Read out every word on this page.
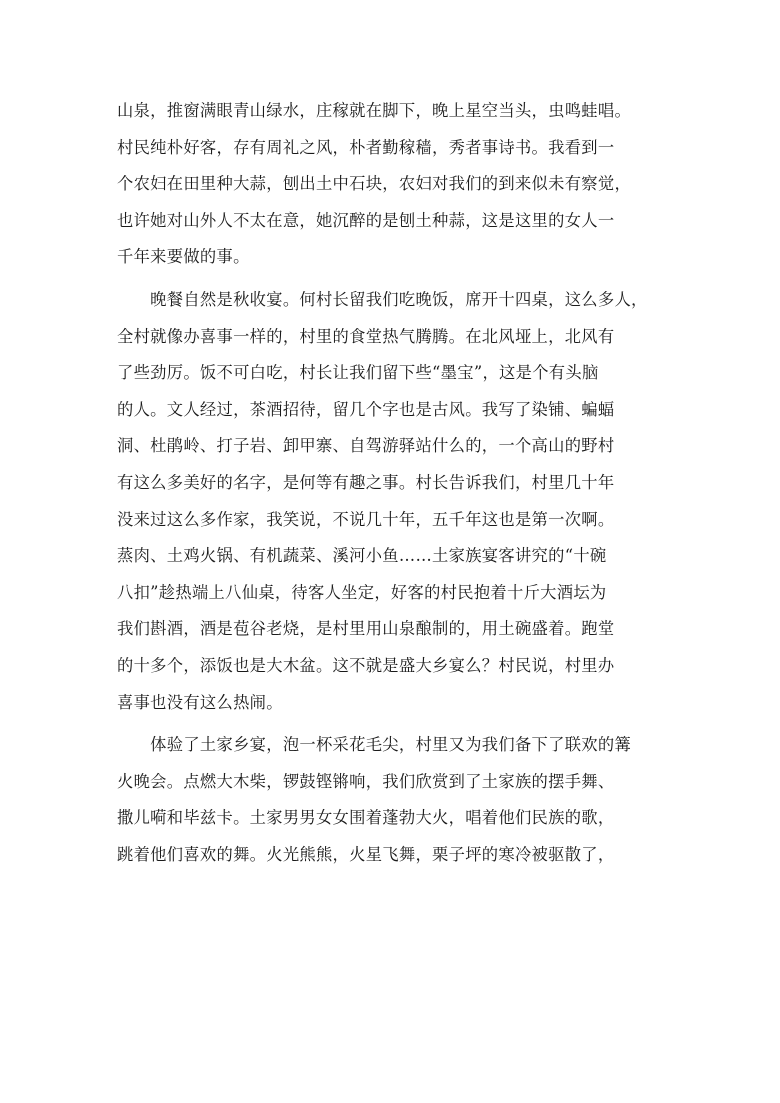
山泉，推窗满眼青山绿水，庄稼就在脚下，晚上星空当头，虫鸣蛙唱。
村民纯朴好客，存有周礼之风，朴者勤稼穑，秀者事诗书。我看到一
个农妇在田里种大蒜，刨出土中石块，农妇对我们的到来似未有察觉，
也许她对山外人不太在意，她沉醉的是刨土种蒜，这是这里的女人一
千年来要做的事。
　　晚餐自然是秋收宴。何村长留我们吃晚饭，席开十四桌，这么多人，
全村就像办喜事一样的，村里的食堂热气腾腾。在北风垭上，北风有
了些劲厉。饭不可白吃，村长让我们留下些“墨宝”，这是个有头脑
的人。文人经过，茶酒招待，留几个字也是古风。我写了染铺、蝙蝠
洞、杜鹃岭、打子岩、卸甲寨、自驾游驿站什么的，一个高山的野村
有这么多美好的名字，是何等有趣之事。村长告诉我们，村里几十年
没来过这么多作家，我笑说，不说几十年，五千年这也是第一次啊。
蒸肉、土鸡火锅、有机蔬菜、溪河小鱼……土家族宴客讲究的“十碗
八扣”趁热端上八仙桌，待客人坐定，好客的村民抱着十斤大酒坛为
我们斟酒，酒是苞谷老烧，是村里用山泉酿制的，用土碗盛着。跑堂
的十多个，添饭也是大木盆。这不就是盛大乡宴么？村民说，村里办
喜事也没有这么热闹。
　　体验了土家乡宴，泡一杯采花毛尖，村里又为我们备下了联欢的篝
火晚会。点燃大木柴，锣鼓铿锵响，我们欣赏到了土家族的摆手舞、
撒儿嗬和毕兹卡。土家男男女女围着蓬勃大火，唱着他们民族的歌，
跳着他们喜欢的舞。火光熊熊，火星飞舞，栗子坪的寒冷被驱散了，
